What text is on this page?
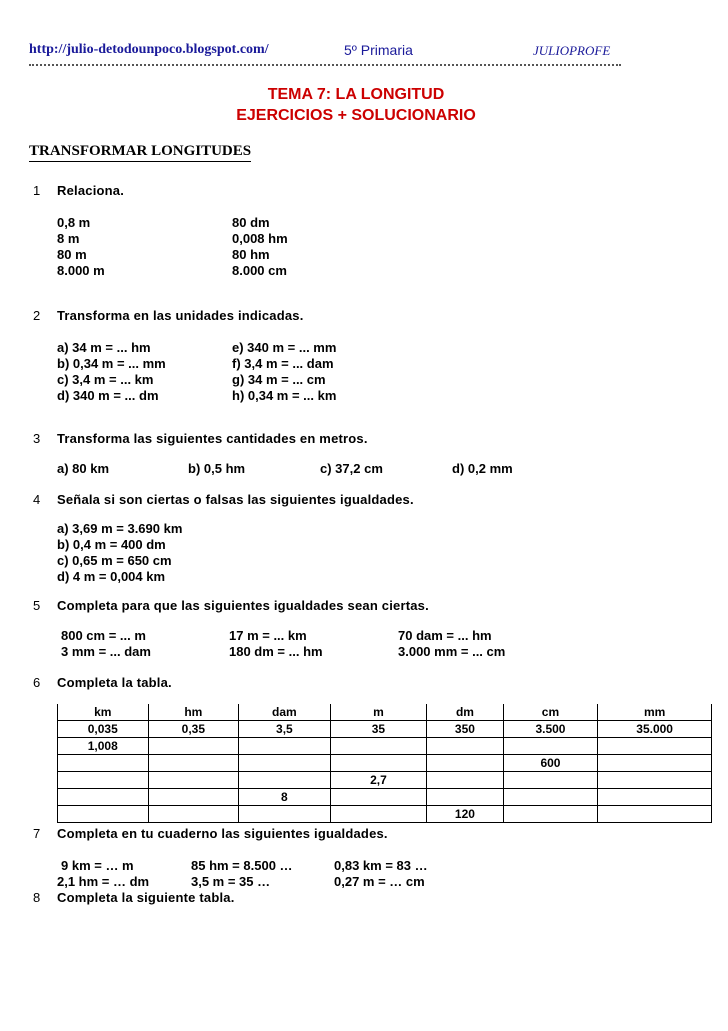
http://julio-detodounpoco.blogspot.com/	5º Primaria	JULIOPROFE
TEMA 7: LA LONGITUD
EJERCICIOS + SOLUCIONARIO
TRANSFORMAR LONGITUDES
1 Relaciona.
0,8 m
8 m
80 m
8.000 m
80 dm
0,008 hm
80 hm
8.000 cm
2 Transforma en las unidades indicadas.
a) 34 m = ... hm
b) 0,34 m = ... mm
c) 3,4 m = ... km
d) 340 m = ... dm
e) 340 m = ... mm
f) 3,4 m = ... dam
g) 34 m = ... cm
h) 0,34 m = ... km
3 Transforma las siguientes cantidades en metros.
a) 80 km	b) 0,5 hm	c) 37,2 cm	d) 0,2 mm
4 Señala si son ciertas o falsas las siguientes igualdades.
a) 3,69 m = 3.690 km
b) 0,4 m = 400 dm
c) 0,65 m = 650 cm
d) 4 m = 0,004 km
5 Completa para que las siguientes igualdades sean ciertas.
800 cm = ... m	17 m = ... km	70 dam = ... hm
3 mm = ... dam	180 dm = ... hm	3.000 mm = ... cm
6 Completa la tabla.
km	hm	dam	m	dm	cm	mm
0,035	0,35	3,5	35	350	3.500	35.000
1,008						
					600	
			2,7			
		8				
				120		
7 Completa en tu cuaderno las siguientes igualdades.
9 km = … m	85 hm = 8.500 …	0,83 km = 83 …
2,1 hm = … dm	3,5 m = 35 …	0,27 m = … cm
8 Completa la siguiente tabla.
